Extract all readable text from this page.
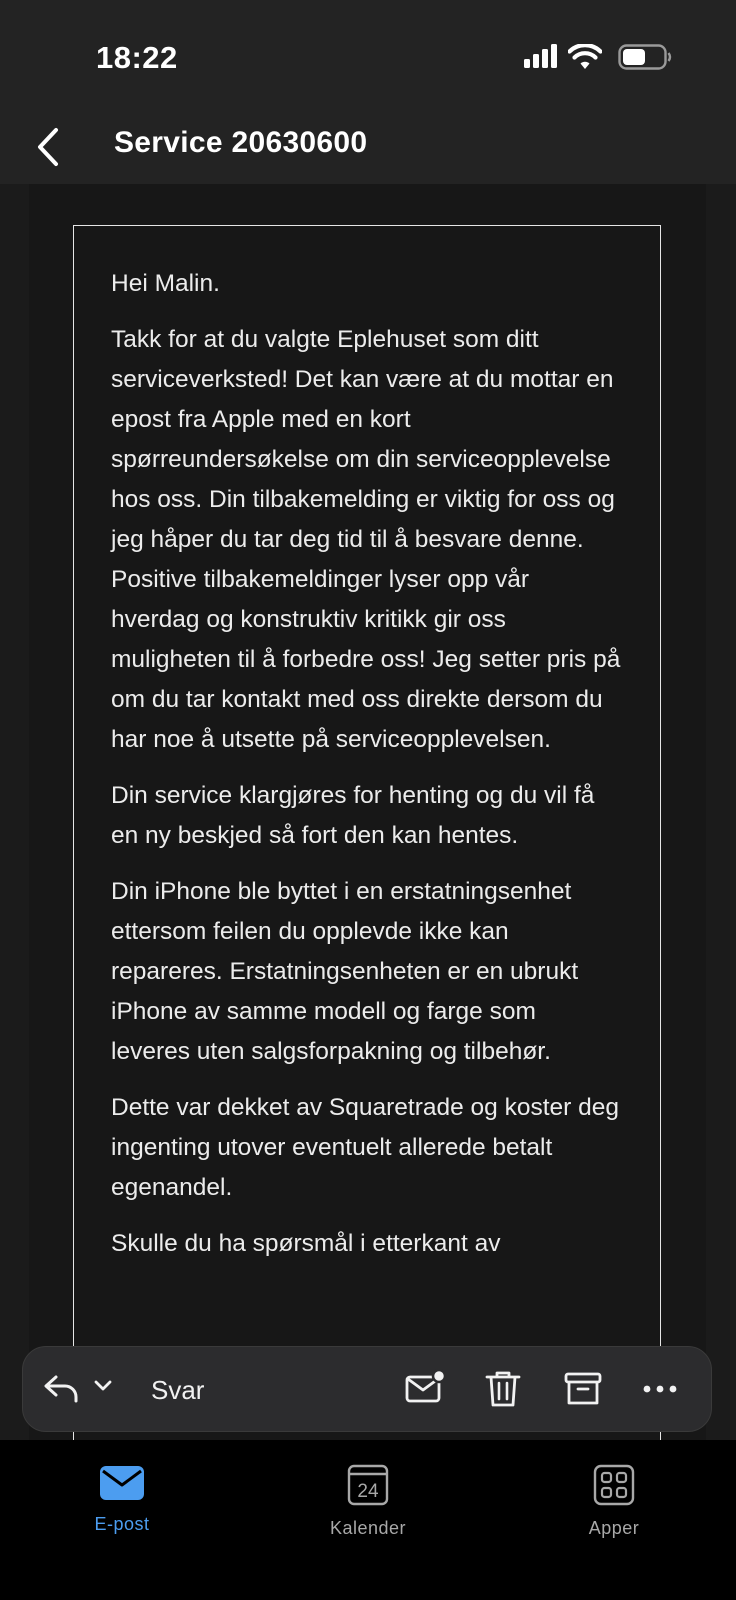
18:22
Service 20630600

Hei Malin.

Takk for at du valgte Eplehuset som ditt serviceverksted! Det kan være at du mottar en epost fra Apple med en kort spørreundersøkelse om din serviceopplevelse hos oss. Din tilbakemelding er viktig for oss og jeg håper du tar deg tid til å besvare denne. Positive tilbakemeldinger lyser opp vår hverdag og konstruktiv kritikk gir oss muligheten til å forbedre oss! Jeg setter pris på om du tar kontakt med oss direkte dersom du har noe å utsette på serviceopplevelsen.

Din service klargjøres for henting og du vil få en ny beskjed så fort den kan hentes.

Din iPhone ble byttet i en erstatningsenhet ettersom feilen du opplevde ikke kan repareres. Erstatningsenheten er en ubrukt iPhone av samme modell og farge som leveres uten salgsforpakning og tilbehør.

Dette var dekket av Squaretrade og koster deg ingenting utover eventuelt allerede betalt egenandel.

Skulle du ha spørsmål i etterkant av

Svar
E-post
24
Kalender	Apper
